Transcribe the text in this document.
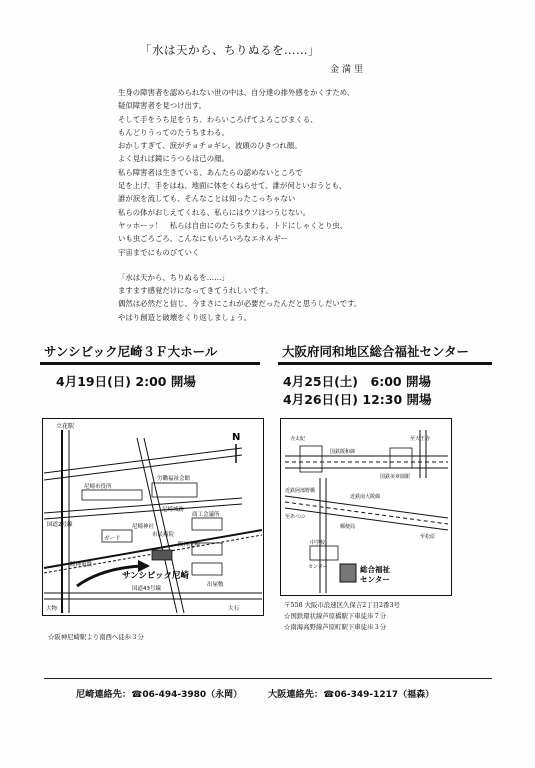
「水は天から、ちりぬるを……」
金満里
生身の障害者を認められない世の中は、自分達の排外感をかくすため、
疑似障害者を見つけ出す。
そして手をうち足をうち、わらいころげてよろこびまくる、
もんどりうってのたうちまわる。
おかしすぎて、涙がチョチョギレ、波頭のひきつれ顔。
よく見れば鏡にうつるは己の顔。
私ら障害者は生きている、あんたらの認めないところで
足を上げ、手をはね、地面に体をくねらせて、誰が何といおうとも、
誰が涙を流しても、そんなことは知ったこっちゃない
私らの体がおしえてくれる、私らにはウソはつうじない。
ヤッホーッ！　私らは自由にのたうちまわる、トドにしゃくとり虫、
いも虫ごろごろ、こんなにもいろいろなエネルギー
宇宙までにものびていく
「水は天から、ちりぬるを……」
ますます感覚だけになってきてうれしいです。
偶然は必然だと信じ、今まさにこれが必要だったんだと思うしだいです。
やはり創造と破壊をくり返しましょう。
サンシビック尼崎３Ｆ大ホール
4月19日(日) 2:00 開場
大阪府同和地区総合福祉センター
4月25日(土)　6:00 開場
4月26日(日) 12:30 開場
立花駅
N
尼崎市役所
労働福祉会館
尼崎城跡
商工会議所
国道2号線
ガード
尼崎神社
市民病院
阪神電鉄
阪神尼崎
国道43号線
大物	大石
出屋敷
サンシビック尼崎
☆阪神尼崎駅より南西へ徒歩３分
寺太紀	至天王寺
国鉄阪和線
国鉄美章園駅
近鉄南大阪線
近鉄阿部野橋
至あべの
至松原
郵便局
中学校
センター	総合福祉
センター
〒558 大阪市浪速区久保吉2丁目2番3号
☆国鉄環状線芦原橋駅下車徒歩７分
☆南海高野線芦原町駅下車徒歩３分
尼崎連絡先：☎06-494-3980（永岡）	大阪連絡先：☎06-349-1217（福森）
